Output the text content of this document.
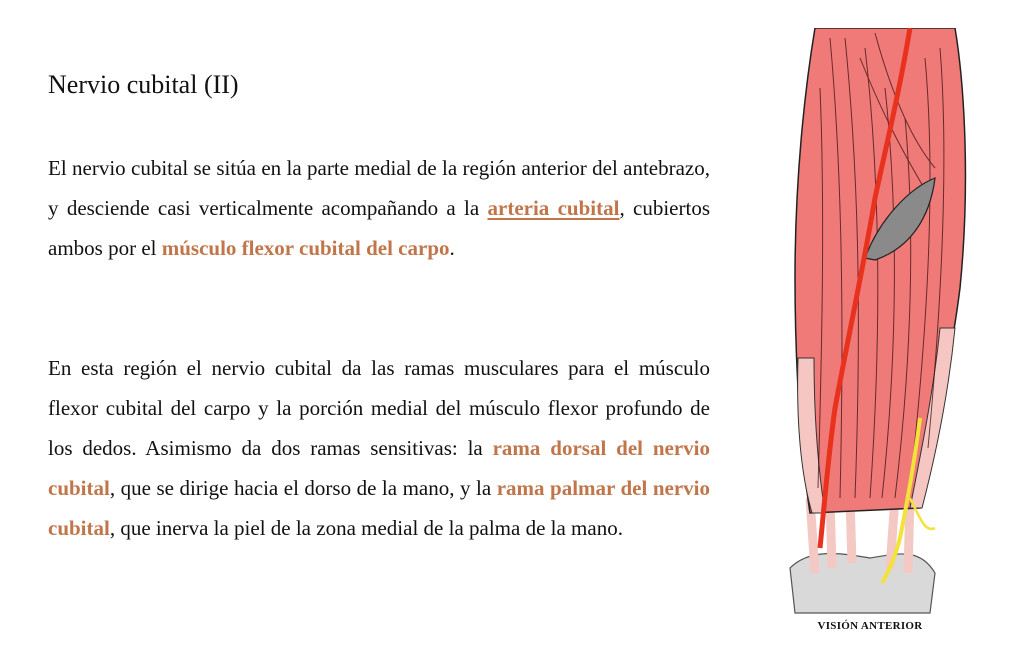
Nervio cubital (II)

El nervio cubital se sitúa en la parte medial de la región anterior del antebrazo, y desciende casi verticalmente acompañando a la arteria cubital, cubiertos ambos por el músculo flexor cubital del carpo.

En esta región el nervio cubital da las ramas musculares para el músculo flexor cubital del carpo y la porción medial del músculo flexor profundo de los dedos. Asimismo da dos ramas sensitivas: la rama dorsal del nervio cubital, que se dirige hacia el dorso de la mano, y la rama palmar del nervio cubital, que inerva la piel de la zona medial de la palma de la mano.

VISIÓN ANTERIOR
